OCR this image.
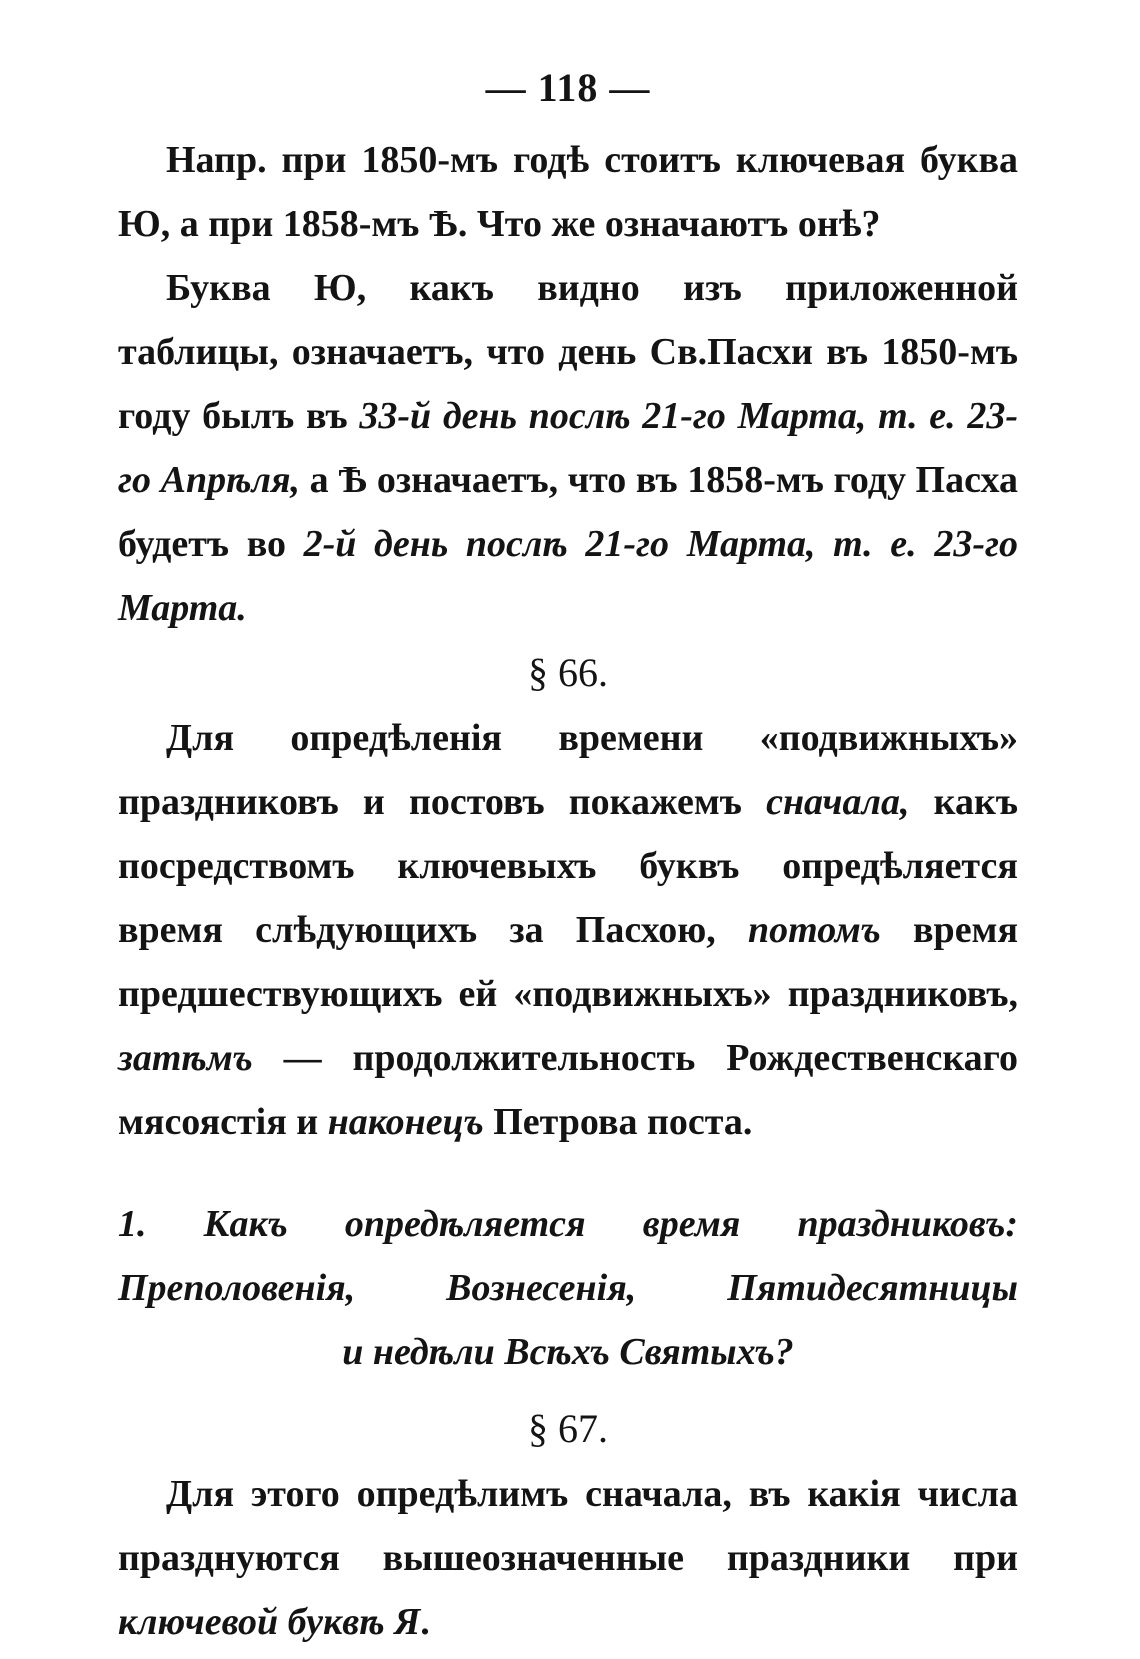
— 118 —

Напр. при 1850-мъ годѣ стоитъ ключевая буква Ю, а при 1858-мъ Ѣ. Что же означаютъ онѣ?

Буква Ю, какъ видно изъ приложенной таблицы, означаетъ, что день Св.Пасхи въ 1850-мъ году былъ въ 33-й день послѣ 21-го Марта, т. е. 23-го Апрѣля, а Ѣ означаетъ, что въ 1858-мъ году Пасха будетъ во 2-й день послѣ 21-го Марта, т. е. 23-го Марта.

§ 66.

Для опредѣленія времени «подвижныхъ» праздниковъ и постовъ покажемъ сначала, какъ посредствомъ ключевыхъ буквъ опредѣляется время слѣдующихъ за Пасхою, потомъ время предшествующихъ ей «подвижныхъ» праздниковъ, затѣмъ — продолжительность Рождественскаго мясоястія и наконецъ Петрова поста.

1. Какъ опредѣляется время праздниковъ:
Преполовенія, Вознесенія, Пятидесятницы
и недѣли Всѣхъ Святыхъ?
§ 67.

Для этого опредѣлимъ сначала, въ какія числа празднуются вышеозначенные праздники при ключевой буквѣ Я.
